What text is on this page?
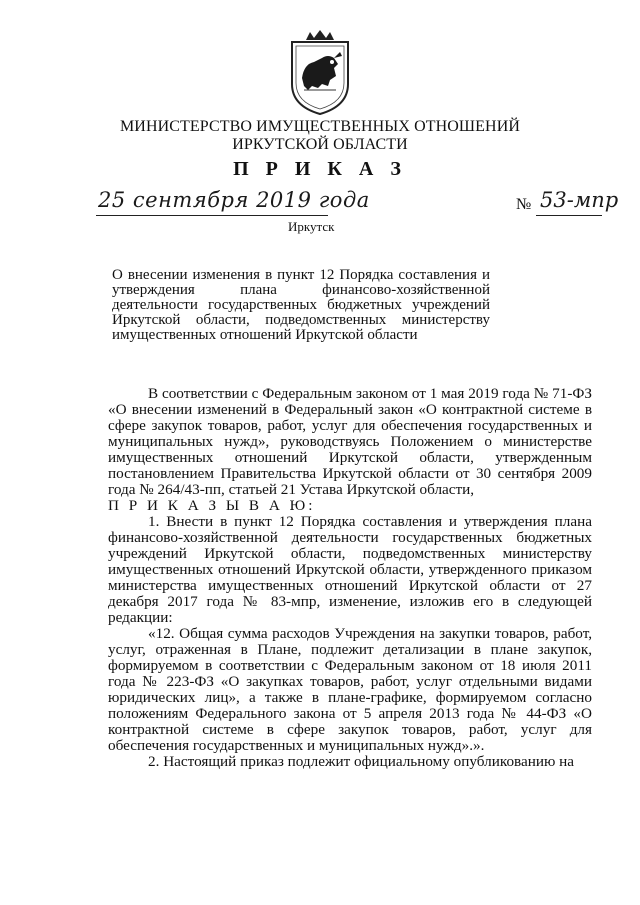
МИНИСТЕРСТВО ИМУЩЕСТВЕННЫХ ОТНОШЕНИЙ
ИРКУТСКОЙ ОБЛАСТИ
П Р И К А З
25 сентября 2019 года	№ 53-мпр
Иркутск
О внесении изменения в пункт 12 Порядка составления и
утверждения плана финансово-хозяйственной
деятельности государственных бюджетных учреждений
Иркутской области, подведомственных министерству
имущественных отношений Иркутской области

В соответствии с Федеральным законом от 1 мая 2019 года № 71-ФЗ «О внесении изменений в Федеральный закон «О контрактной системе в сфере закупок товаров, работ, услуг для обеспечения государственных и муниципальных нужд», руководствуясь Положением о министерстве имущественных отношений Иркутской области, утвержденным постановлением Правительства Иркутской области от 30 сентября 2009 года № 264/43-пп, статьей 21 Устава Иркутской области,

П Р И К А З Ы В А Ю:

1. Внести в пункт 12 Порядка составления и утверждения плана финансово-хозяйственной деятельности государственных бюджетных учреждений Иркутской области, подведомственных министерству имущественных отношений Иркутской области, утвержденного приказом министерства имущественных отношений Иркутской области от 27 декабря 2017 года № 83-мпр, изменение, изложив его в следующей редакции:

«12. Общая сумма расходов Учреждения на закупки товаров, работ, услуг, отраженная в Плане, подлежит детализации в плане закупок, формируемом в соответствии с Федеральным законом от 18 июля 2011 года № 223-ФЗ «О закупках товаров, работ, услуг отдельными видами юридических лиц», а также в плане-графике, формируемом согласно положениям Федерального закона от 5 апреля 2013 года № 44-ФЗ «О контрактной системе в сфере закупок товаров, работ, услуг для обеспечения государственных и муниципальных нужд».».

2. Настоящий приказ подлежит официальному опубликованию на
